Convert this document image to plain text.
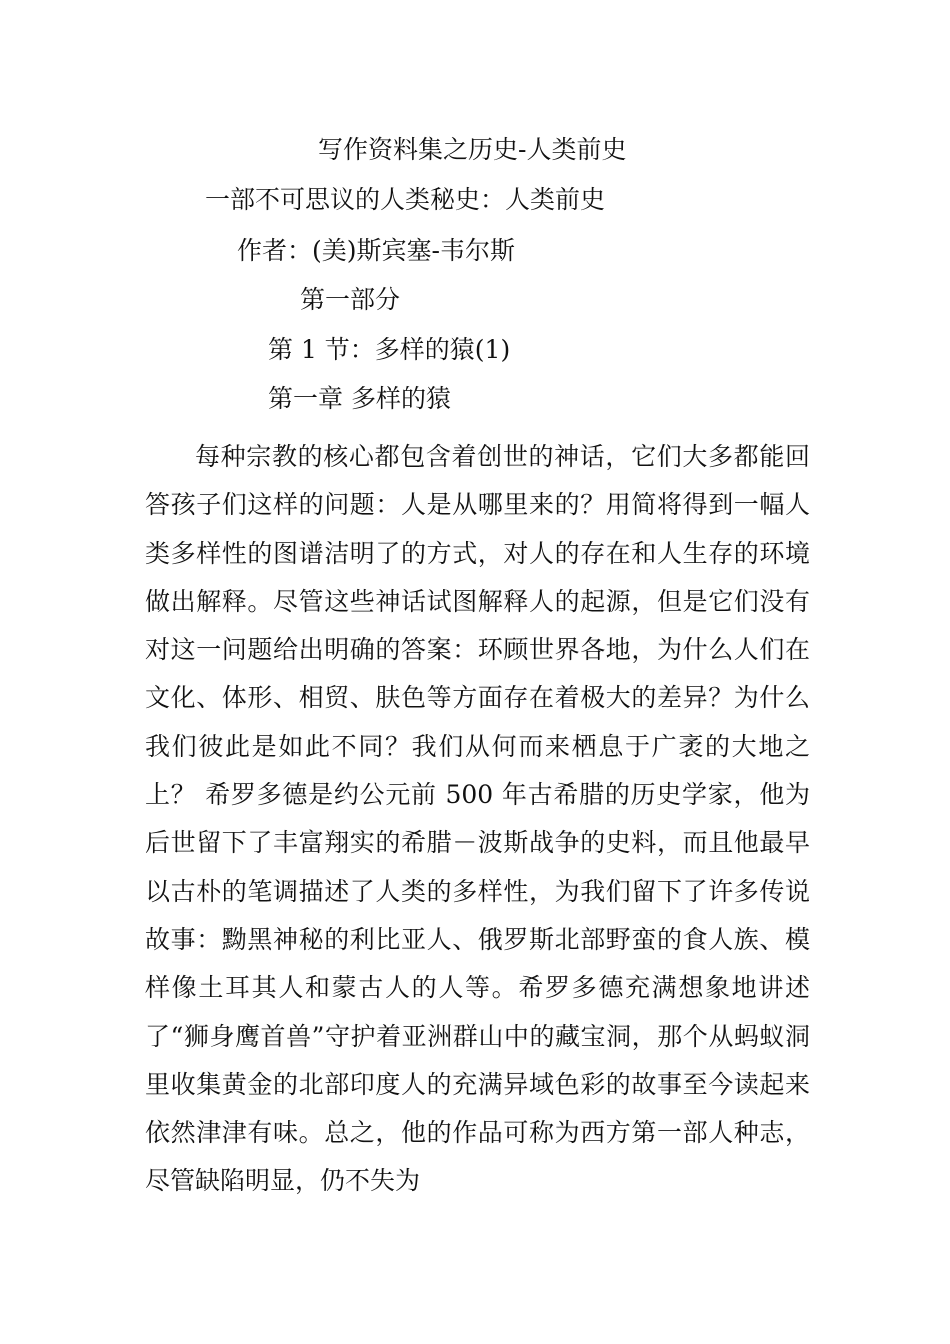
写作资料集之历史-人类前史

一部不可思议的人类秘史：人类前史

作者：(美)斯宾塞-韦尔斯

第一部分

第 1 节：多样的猿(1)

第一章 多样的猿

每种宗教的核心都包含着创世的神话，它们大多都能回答孩子们这样的问题：人是从哪里来的？用简将得到一幅人类多样性的图谱洁明了的方式，对人的存在和人生存的环境做出解释。尽管这些神话试图解释人的起源，但是它们没有对这一问题给出明确的答案：环顾世界各地，为什么人们在文化、体形、相贸、肤色等方面存在着极大的差异？为什么我们彼此是如此不同？我们从何而来栖息于广袤的大地之上？ 希罗多德是约公元前 500 年古希腊的历史学家，他为后世留下了丰富翔实的希腊－波斯战争的史料，而且他最早以古朴的笔调描述了人类的多样性，为我们留下了许多传说故事：黝黑神秘的利比亚人、俄罗斯北部野蛮的食人族、模样像土耳其人和蒙古人的人等。希罗多德充满想象地讲述了“狮身鹰首兽”守护着亚洲群山中的藏宝洞，那个从蚂蚁洞里收集黄金的北部印度人的充满异域色彩的故事至今读起来依然津津有味。总之，他的作品可称为西方第一部人种志，尽管缺陷明显，仍不失为
